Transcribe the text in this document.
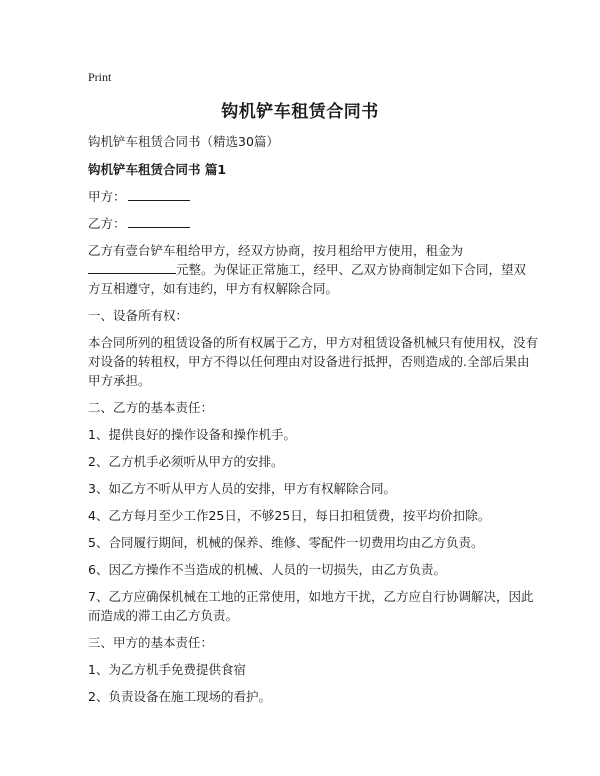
Print
钩机铲车租赁合同书
钩机铲车租赁合同书（精选30篇）
钩机铲车租赁合同书 篇1
甲方：
乙方：
乙方有壹台铲车租给甲方，经双方协商，按月租给甲方使用，租金为
元整。为保证正常施工，经甲、乙双方协商制定如下合同，望双
方互相遵守，如有违约，甲方有权解除合同。
一、设备所有权：
本合同所列的租赁设备的所有权属于乙方，甲方对租赁设备机械只有使用权，没有
对设备的转租权，甲方不得以任何理由对设备进行抵押，否则造成的.全部后果由
甲方承担。
二、乙方的基本责任：
1、提供良好的操作设备和操作机手。
2、乙方机手必须听从甲方的安排。
3、如乙方不听从甲方人员的安排，甲方有权解除合同。
4、乙方每月至少工作25日，不够25日，每日扣租赁费，按平均价扣除。
5、合同履行期间，机械的保养、维修、零配件一切费用均由乙方负责。
6、因乙方操作不当造成的机械、人员的一切损失，由乙方负责。
7、乙方应确保机械在工地的正常使用，如地方干扰，乙方应自行协调解决，因此
而造成的滞工由乙方负责。
三、甲方的基本责任：
1、为乙方机手免费提供食宿
2、负责设备在施工现场的看护。
